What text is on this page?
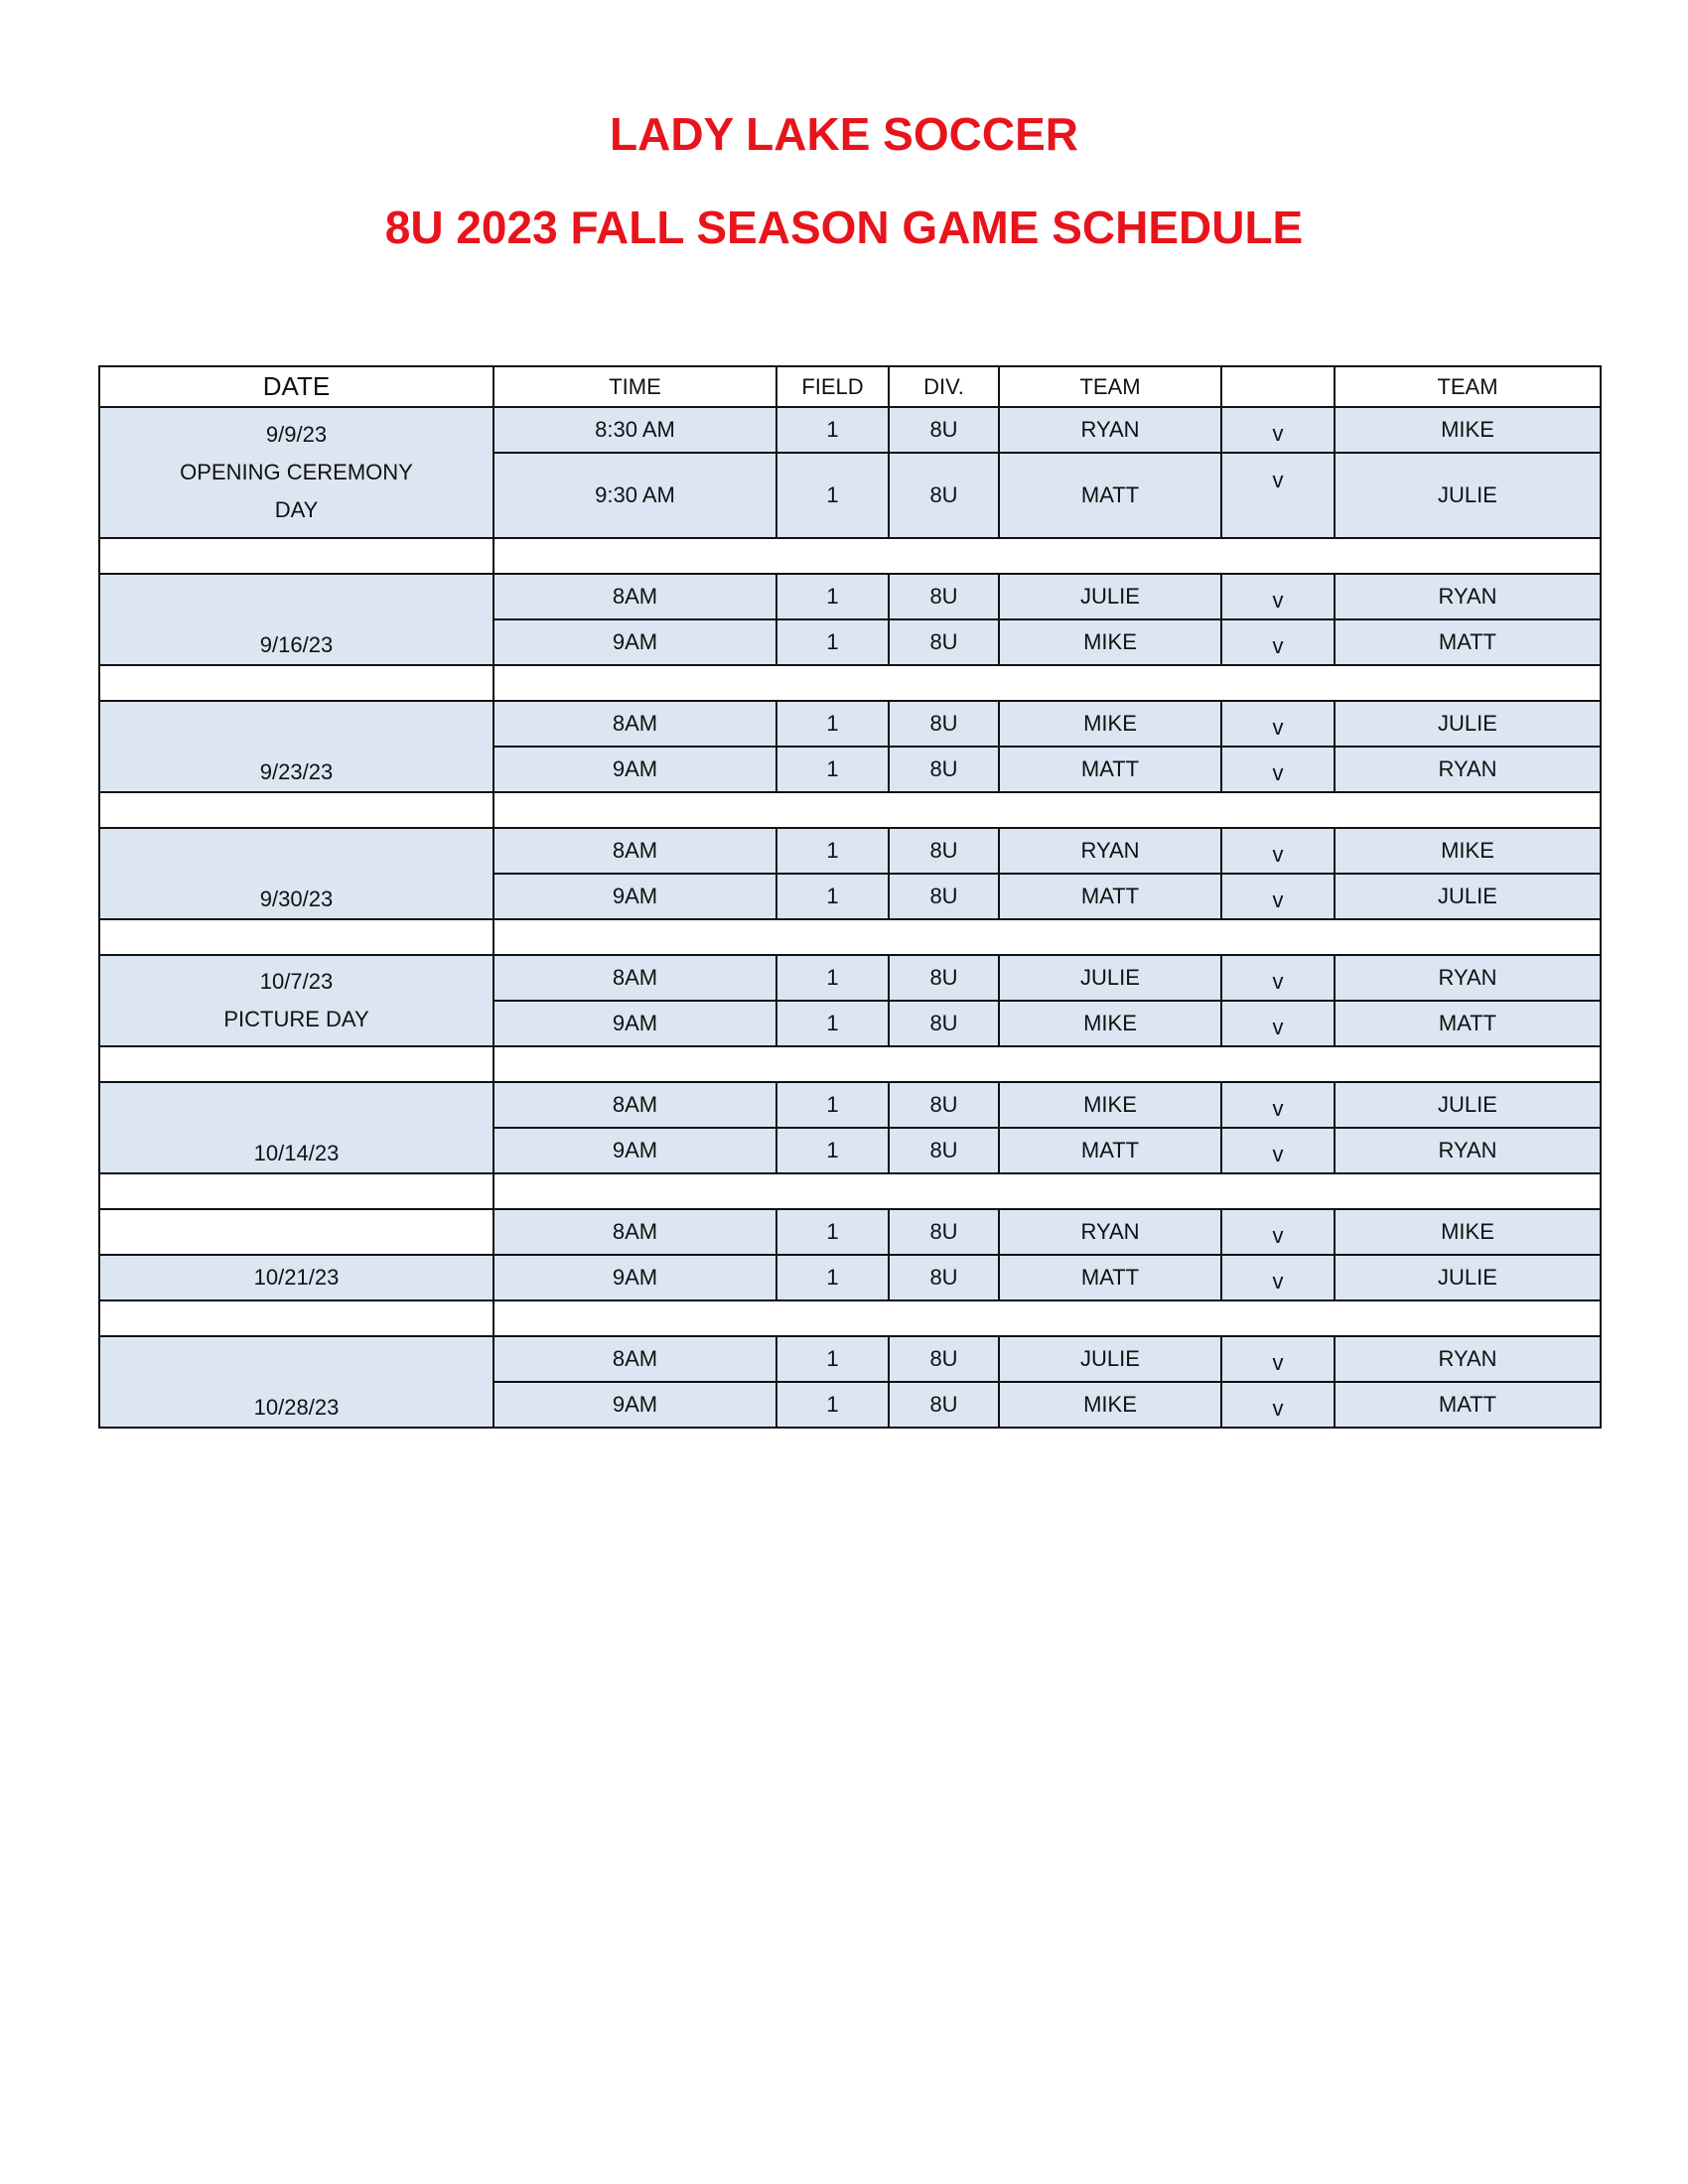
LADY LAKE SOCCER
8U 2023 FALL SEASON GAME SCHEDULE
DATE	TIME	FIELD	DIV.	TEAM		TEAM

9/9/23
OPENING CEREMONY
DAY	8:30 AM	1	8U	RYAN	v	MIKE
	9:30 AM	1	8U	MATT	v	JULIE

9/16/23	8AM	1	8U	JULIE	v	RYAN
	9AM	1	8U	MIKE	v	MATT

9/23/23	8AM	1	8U	MIKE	v	JULIE
	9AM	1	8U	MATT	v	RYAN

9/30/23	8AM	1	8U	RYAN	v	MIKE
	9AM	1	8U	MATT	v	JULIE

10/7/23
PICTURE DAY	8AM	1	8U	JULIE	v	RYAN
	9AM	1	8U	MIKE	v	MATT

10/14/23	8AM	1	8U	MIKE	v	JULIE
	9AM	1	8U	MATT	v	RYAN

	8AM	1	8U	RYAN	v	MIKE

10/21/23	9AM	1	8U	MATT	v	JULIE

10/28/23	8AM	1	8U	JULIE	v	RYAN
	9AM	1	8U	MIKE	v	MATT
